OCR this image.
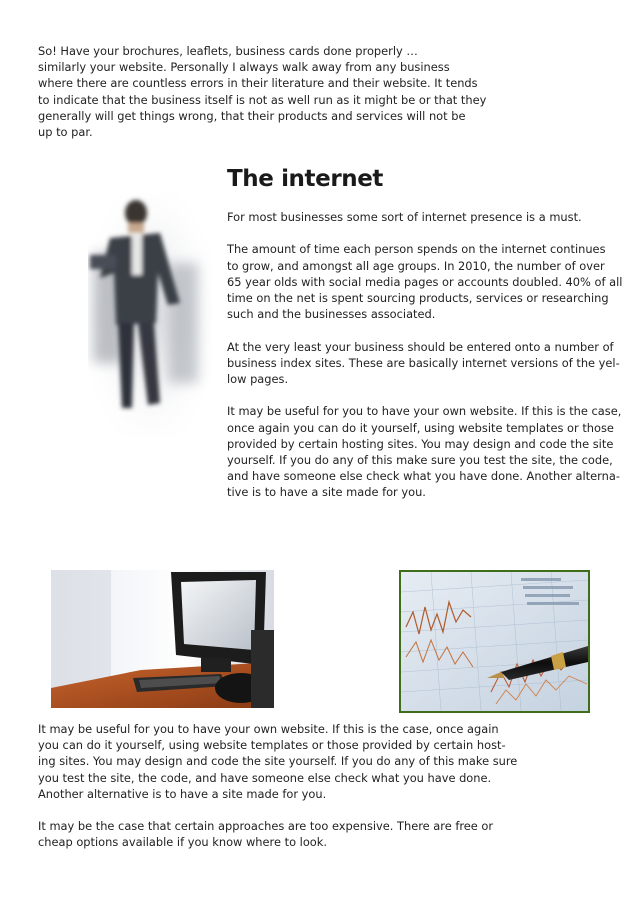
So! Have your brochures, leaflets, business cards done properly …
similarly your website. Personally I always walk away from any business
where there are countless errors in their literature and their website. It tends
to indicate that the business itself is not as well run as it might be or that they
generally will get things wrong, that their products and services will not be
up to par.
The internet

For most businesses some sort of internet presence is a must.

The amount of time each person spends on the internet continues
to grow, and amongst all age groups. In 2010, the number of over
65 year olds with social media pages or accounts doubled. 40% of all
time on the net is spent sourcing products, services or researching
such and the businesses associated.

At the very least your business should be entered onto a number of
business index sites. These are basically internet versions of the yel-
low pages.

It may be useful for you to have your own website. If this is the case,
once again you can do it yourself, using website templates or those
provided by certain hosting sites. You may design and code the site
yourself. If you do any of this make sure you test the site, the code,
and have someone else check what you have done. Another alterna-
tive is to have a site made for you.

It may be useful for you to have your own website. If this is the case, once again
you can do it yourself, using website templates or those provided by certain host-
ing sites. You may design and code the site yourself. If you do any of this make sure
you test the site, the code, and have someone else check what you have done.
Another alternative is to have a site made for you.

It may be the case that certain approaches are too expensive. There are free or
cheap options available if you know where to look.
